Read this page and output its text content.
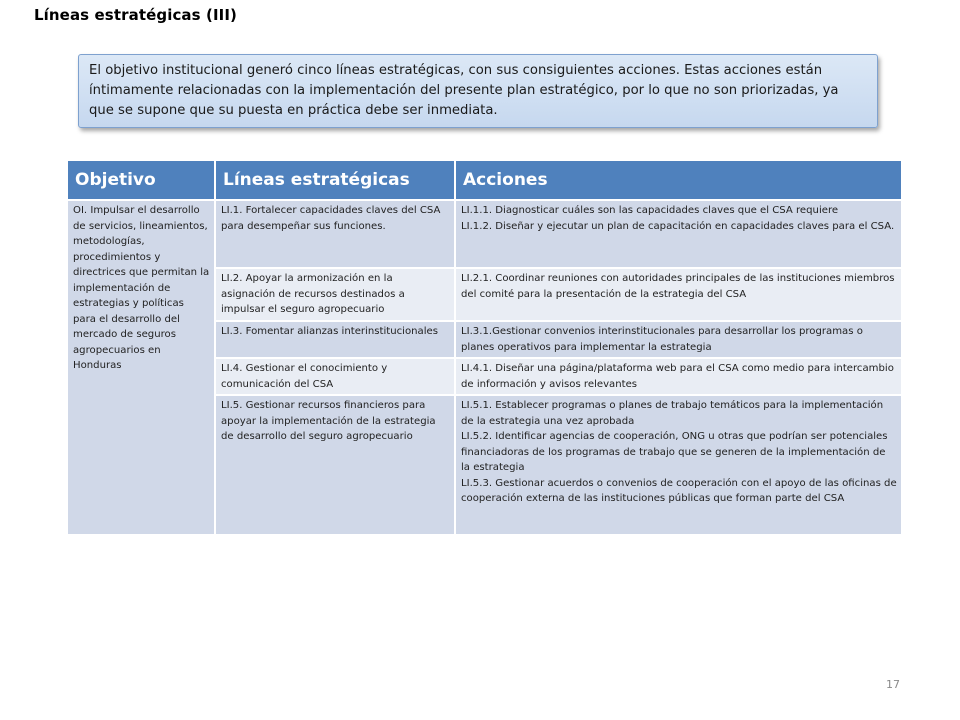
Líneas estratégicas (III)
El objetivo institucional generó cinco líneas estratégicas, con sus consiguientes acciones. Estas acciones están íntimamente relacionadas con la implementación del presente plan estratégico, por lo que no son priorizadas, ya que se supone que su puesta en práctica debe ser inmediata.
Objetivo	Líneas estratégicas	Acciones
OI. Impulsar el desarrollo de servicios, lineamientos, metodologías, procedimientos y directrices que permitan la implementación de estrategias y políticas para el desarrollo del mercado de seguros agropecuarios en Honduras	LI.1. Fortalecer capacidades claves del CSA para desempeñar sus funciones.	LI.1.1. Diagnosticar cuáles son las capacidades claves que el CSA requiere
LI.1.2. Diseñar y ejecutar un plan de capacitación en capacidades claves para el CSA.

	LI.2. Apoyar la armonización en la asignación de recursos destinados a impulsar el seguro agropecuario	LI.2.1. Coordinar reuniones con autoridades principales de las instituciones miembros del comité para la presentación de la estrategia del CSA

	LI.3. Fomentar alianzas interinstitucionales	LI.3.1.Gestionar convenios interinstitucionales para desarrollar los programas o planes operativos para implementar la estrategia

	LI.4. Gestionar el conocimiento y comunicación del CSA	LI.4.1. Diseñar una página/plataforma web para el CSA como medio para intercambio de información y avisos relevantes

	LI.5. Gestionar recursos financieros para apoyar la implementación de la estrategia de desarrollo del seguro agropecuario	LI.5.1. Establecer programas o planes de trabajo temáticos para la implementación de la estrategia una vez aprobada
LI.5.2. Identificar agencias de cooperación, ONG u otras que podrían ser potenciales financiadoras de los programas de trabajo que se generen de la implementación de la estrategia
LI.5.3. Gestionar acuerdos o convenios de cooperación con el apoyo de las oficinas de cooperación externa de las instituciones públicas que forman parte del CSA
17
